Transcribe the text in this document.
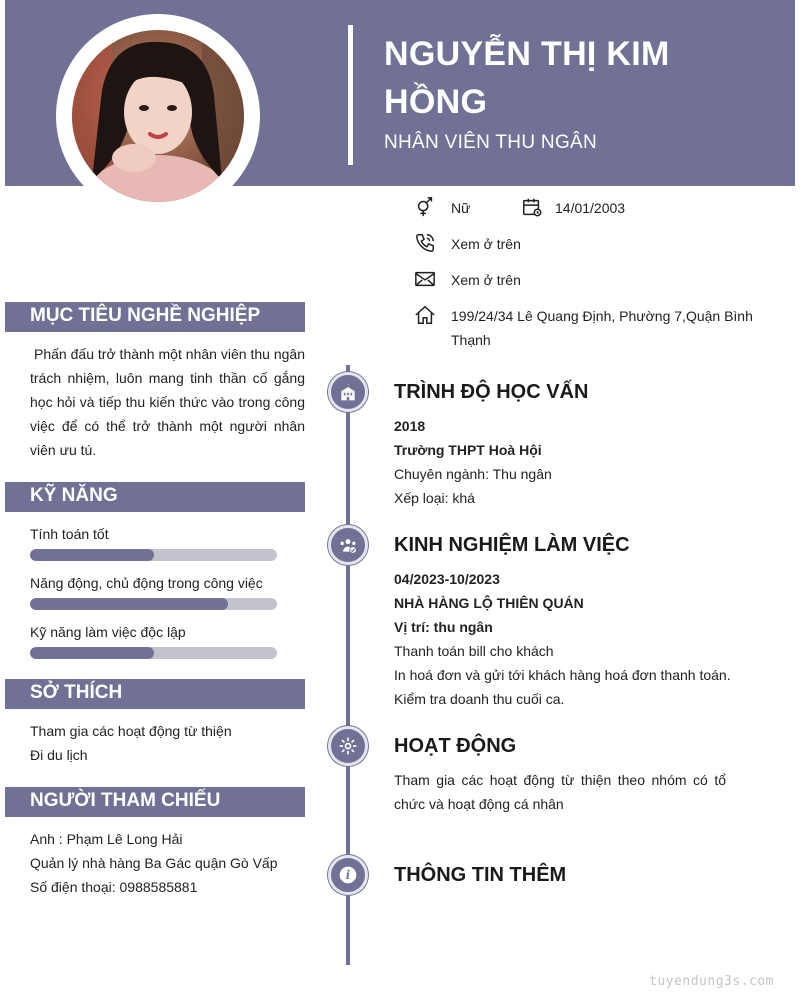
NGUYỄN THỊ KIM HỒNG
NHÂN VIÊN THU NGÂN
Nữ	14/01/2003
Xem ở trên
Xem ở trên
199/24/34 Lê Quang Định, Phường 7,Quận Bình Thạnh
MỤC TIÊU NGHỀ NGHIỆP
Phấn đấu trở thành một nhân viên thu ngân trách nhiệm, luôn mang tinh thần cố gắng học hỏi và tiếp thu kiến thức vào trong công việc để có thể trở thành một người nhân viên ưu tú.
KỸ NĂNG
Tính toán tốt
Năng động, chủ động trong công việc
Kỹ năng làm việc độc lập
SỞ THÍCH
Tham gia các hoạt động từ thiện
Đi du lịch
NGƯỜI THAM CHIẾU
Anh : Phạm Lê Long Hải
Quản lý nhà hàng Ba Gác quận Gò Vấp
Số điện thoại: 0988585881
TRÌNH ĐỘ HỌC VẤN
2018
Trường THPT Hoà Hội
Chuyên ngành: Thu ngân
Xếp loại: khá
KINH NGHIỆM LÀM VIỆC
04/2023-10/2023
NHÀ HÀNG LỘ THIÊN QUÁN
Vị trí: thu ngân
Thanh toán bill cho khách
In hoá đơn và gửi tới khách hàng hoá đơn thanh toán.
Kiểm tra doanh thu cuối ca.
HOẠT ĐỘNG
Tham gia các hoạt động từ thiện theo nhóm có tổ chức và hoạt động cá nhân
i THÔNG TIN THÊM
tuyendung3s.com
